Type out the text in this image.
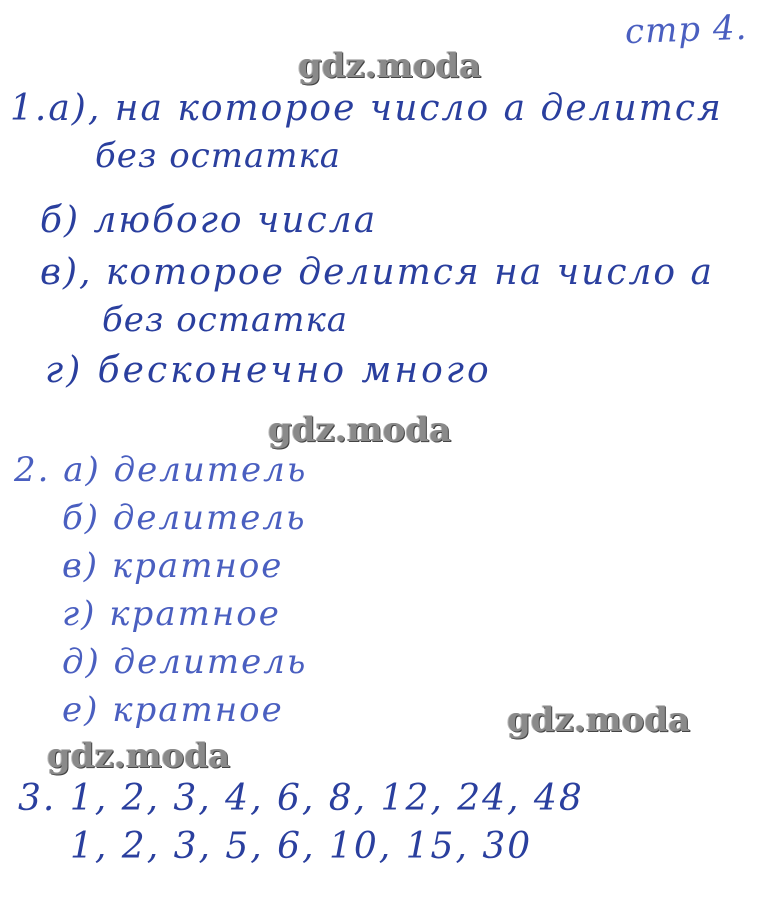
стр 4.
gdz.moda
1.а), на которое число а делится
без остатка
б) любого числа
в), которое делится на число а
без остатка
г) бесконечно много
gdz.moda
2. а) делитель
б) делитель
в) кратное
г) кратное
д) делитель
е) кратное	gdz.moda
gdz.moda
3. 1, 2, 3, 4, 6, 8, 12, 24, 48
1, 2, 3, 5, 6, 10, 15, 30
